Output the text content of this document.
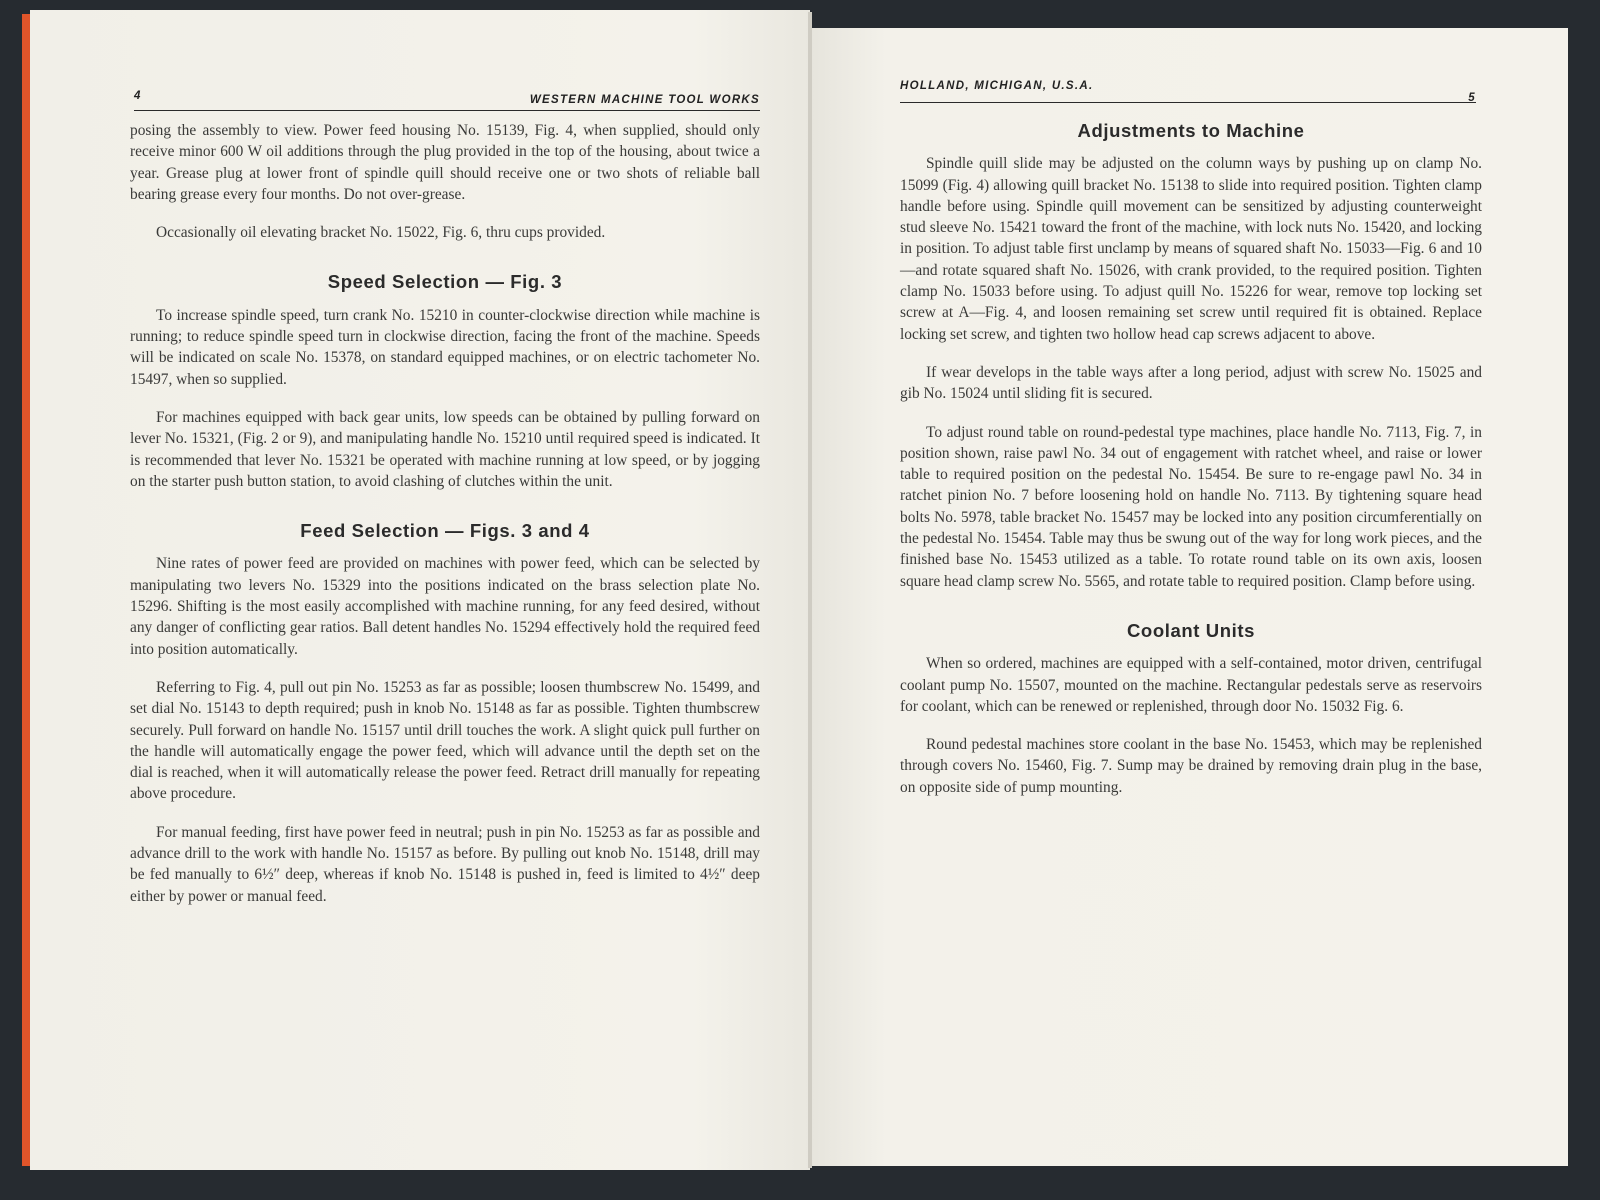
4	WESTERN MACHINE TOOL WORKS

posing the assembly to view. Power feed housing No. 15139, Fig. 4, when supplied, should only receive minor 600 W oil additions through the plug provided in the top of the housing, about twice a year. Grease plug at lower front of spindle quill should receive one or two shots of reliable ball bearing grease every four months. Do not over-grease.

Occasionally oil elevating bracket No. 15022, Fig. 6, thru cups provided.

Speed Selection — Fig. 3

To increase spindle speed, turn crank No. 15210 in counter-clockwise direction while machine is running; to reduce spindle speed turn in clockwise direction, facing the front of the machine. Speeds will be indicated on scale No. 15378, on standard equipped machines, or on electric tachometer No. 15497, when so supplied.

For machines equipped with back gear units, low speeds can be obtained by pulling forward on lever No. 15321, (Fig. 2 or 9), and manipulating handle No. 15210 until required speed is indicated. It is recommended that lever No. 15321 be operated with machine running at low speed, or by jogging on the starter push button station, to avoid clashing of clutches within the unit.

Feed Selection — Figs. 3 and 4

Nine rates of power feed are provided on machines with power feed, which can be selected by manipulating two levers No. 15329 into the positions indicated on the brass selection plate No. 15296. Shifting is the most easily accomplished with machine running, for any feed desired, without any danger of conflicting gear ratios. Ball detent handles No. 15294 effectively hold the required feed into position automatically.

Referring to Fig. 4, pull out pin No. 15253 as far as possible; loosen thumbscrew No. 15499, and set dial No. 15143 to depth required; push in knob No. 15148 as far as possible. Tighten thumbscrew securely. Pull forward on handle No. 15157 until drill touches the work. A slight quick pull further on the handle will automatically engage the power feed, which will advance until the depth set on the dial is reached, when it will automatically release the power feed. Retract drill manually for repeating above procedure.

For manual feeding, first have power feed in neutral; push in pin No. 15253 as far as possible and advance drill to the work with handle No. 15157 as before. By pulling out knob No. 15148, drill may be fed manually to 6½″ deep, whereas if knob No. 15148 is pushed in, feed is limited to 4½″ deep either by power or manual feed.

HOLLAND, MICHIGAN, U.S.A.
5
Adjustments to Machine

Spindle quill slide may be adjusted on the column ways by pushing up on clamp No. 15099 (Fig. 4) allowing quill bracket No. 15138 to slide into required position. Tighten clamp handle before using. Spindle quill movement can be sensitized by adjusting counterweight stud sleeve No. 15421 toward the front of the machine, with lock nuts No. 15420, and locking in position. To adjust table first unclamp by means of squared shaft No. 15033—Fig. 6 and 10—and rotate squared shaft No. 15026, with crank provided, to the required position. Tighten clamp No. 15033 before using. To adjust quill No. 15226 for wear, remove top locking set screw at A—Fig. 4, and loosen remaining set screw until required fit is obtained. Replace locking set screw, and tighten two hollow head cap screws adjacent to above.

If wear develops in the table ways after a long period, adjust with screw No. 15025 and gib No. 15024 until sliding fit is secured.

To adjust round table on round-pedestal type machines, place handle No. 7113, Fig. 7, in position shown, raise pawl No. 34 out of engagement with ratchet wheel, and raise or lower table to required position on the pedestal No. 15454. Be sure to re-engage pawl No. 34 in ratchet pinion No. 7 before loosening hold on handle No. 7113. By tightening square head bolts No. 5978, table bracket No. 15457 may be locked into any position circumferentially on the pedestal No. 15454. Table may thus be swung out of the way for long work pieces, and the finished base No. 15453 utilized as a table. To rotate round table on its own axis, loosen square head clamp screw No. 5565, and rotate table to required position. Clamp before using.

Coolant Units

When so ordered, machines are equipped with a self-contained, motor driven, centrifugal coolant pump No. 15507, mounted on the machine. Rectangular pedestals serve as reservoirs for coolant, which can be renewed or replenished, through door No. 15032 Fig. 6.

Round pedestal machines store coolant in the base No. 15453, which may be replenished through covers No. 15460, Fig. 7. Sump may be drained by removing drain plug in the base, on opposite side of pump mounting.
